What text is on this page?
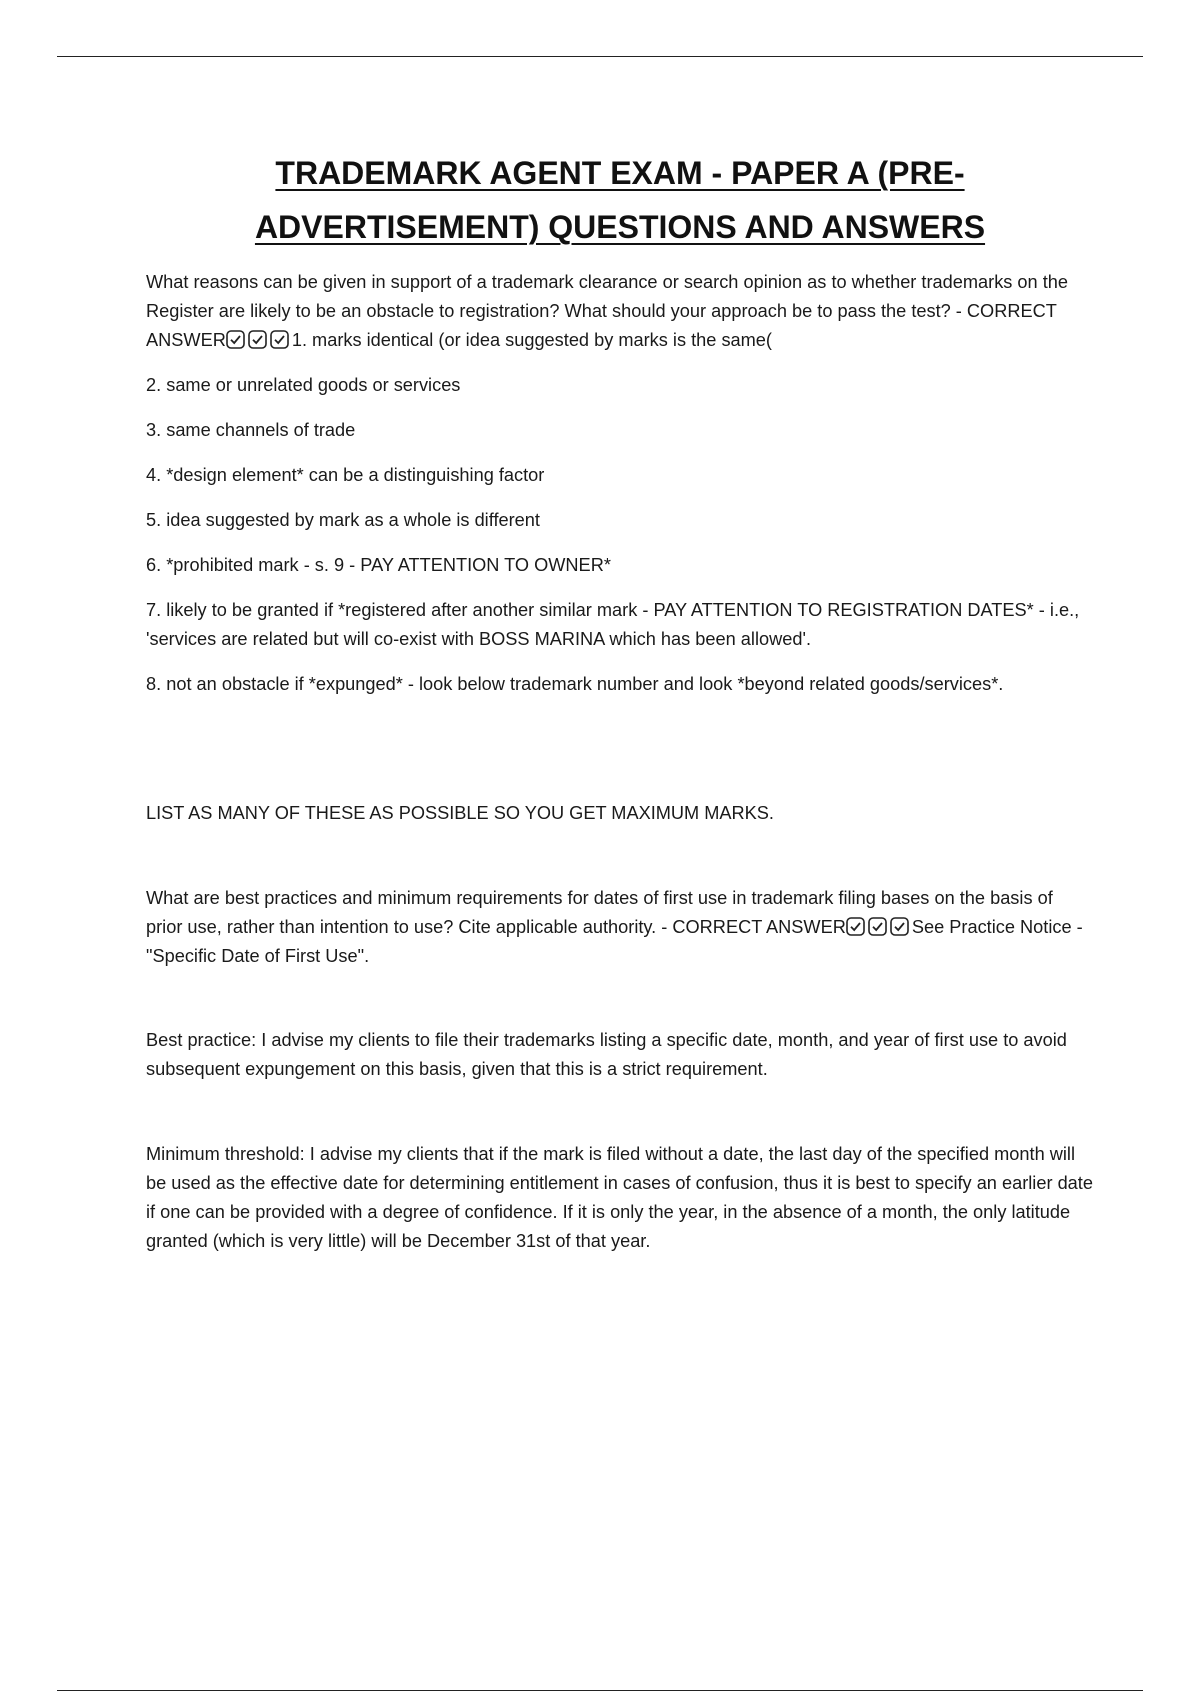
TRADEMARK AGENT EXAM - PAPER A (PRE-
ADVERTISEMENT) QUESTIONS AND ANSWERS

What reasons can be given in support of a trademark clearance or search opinion as to whether trademarks on the Register are likely to be an obstacle to registration? What should your approach be to pass the test? - CORRECT ANSWER	1. marks identical (or idea suggested by marks is the same(

2. same or unrelated goods or services

3. same channels of trade

4. *design element* can be a distinguishing factor

5. idea suggested by mark as a whole is different

6. *prohibited mark - s. 9 - PAY ATTENTION TO OWNER*

7. likely to be granted if *registered after another similar mark - PAY ATTENTION TO REGISTRATION DATES* - i.e., 'services are related but will co-exist with BOSS MARINA which has been allowed'.

8. not an obstacle if *expunged* - look below trademark number and look *beyond related goods/services*.

LIST AS MANY OF THESE AS POSSIBLE SO YOU GET MAXIMUM MARKS.

What are best practices and minimum requirements for dates of first use in trademark filing bases on the basis of prior use, rather than intention to use? Cite applicable authority. - CORRECT ANSWER	See Practice Notice - "Specific Date of First Use".

Best practice: I advise my clients to file their trademarks listing a specific date, month, and year of first use to avoid subsequent expungement on this basis, given that this is a strict requirement.

Minimum threshold: I advise my clients that if the mark is filed without a date, the last day of the specified month will be used as the effective date for determining entitlement in cases of confusion, thus it is best to specify an earlier date if one can be provided with a degree of confidence. If it is only the year, in the absence of a month, the only latitude granted (which is very little) will be December 31st of that year.
